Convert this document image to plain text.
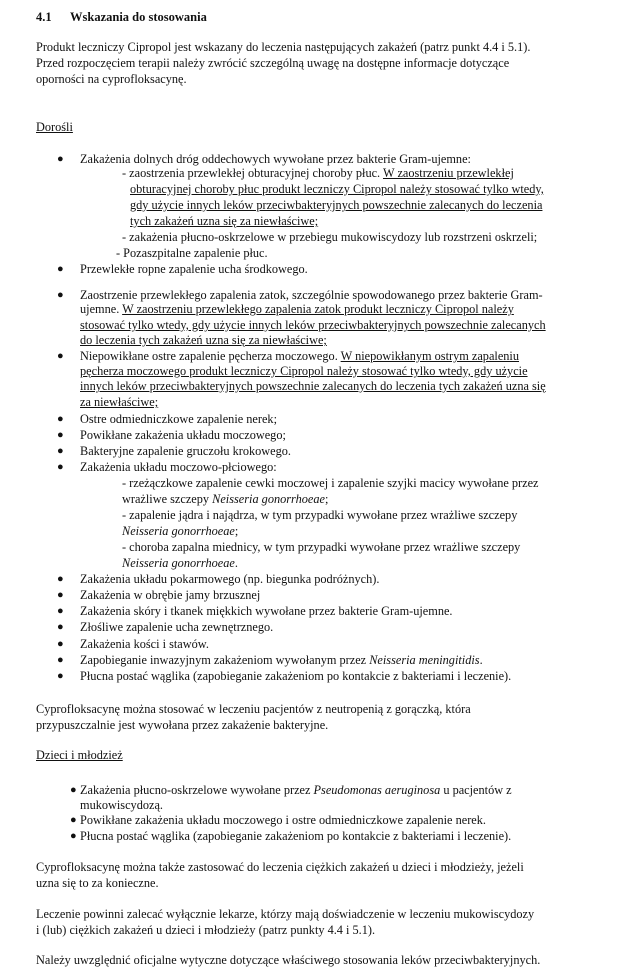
4.1 Wskazania do stosowania
Produkt leczniczy Cipropol jest wskazany do leczenia następujących zakażeń (patrz punkt 4.4 i 5.1).
Przed rozpoczęciem terapii należy zwrócić szczególną uwagę na dostępne informacje dotyczące
oporności na cyprofloksacynę.
Dorośli
● Zakażenia dolnych dróg oddechowych wywołane przez bakterie Gram-ujemne:
- zaostrzenia przewlekłej obturacyjnej choroby płuc. W zaostrzeniu przewlekłej
obturacyjnej choroby płuc produkt leczniczy Cipropol należy stosować tylko wtedy,
gdy użycie innych leków przeciwbakteryjnych powszechnie zalecanych do leczenia
tych zakażeń uzna się za niewłaściwe;
- zakażenia płucno-oskrzelowe w przebiegu mukowiscydozy lub rozstrzeni oskrzeli;
- Pozaszpitalne zapalenie płuc.
● Przewlekłe ropne zapalenie ucha środkowego.
● Zaostrzenie przewlekłego zapalenia zatok, szczególnie spowodowanego przez bakterie Gram-
ujemne. W zaostrzeniu przewlekłego zapalenia zatok produkt leczniczy Cipropol należy
stosować tylko wtedy, gdy użycie innych leków przeciwbakteryjnych powszechnie zalecanych
do leczenia tych zakażeń uzna się za niewłaściwe;
● Niepowikłane ostre zapalenie pęcherza moczowego. W niepowikłanym ostrym zapaleniu
pęcherza moczowego produkt leczniczy Cipropol należy stosować tylko wtedy, gdy użycie
innych leków przeciwbakteryjnych powszechnie zalecanych do leczenia tych zakażeń uzna się
za niewłaściwe;
● Ostre odmiedniczkowe zapalenie nerek;
● Powikłane zakażenia układu moczowego;
● Bakteryjne zapalenie gruczołu krokowego.
● Zakażenia układu moczowo-płciowego:
- rzeżączkowe zapalenie cewki moczowej i zapalenie szyjki macicy wywołane przez
wrażliwe szczepy Neisseria gonorrhoeae;
- zapalenie jądra i najądrza, w tym przypadki wywołane przez wrażliwe szczepy
Neisseria gonorrhoeae;
- choroba zapalna miednicy, w tym przypadki wywołane przez wrażliwe szczepy
Neisseria gonorrhoeae.
● Zakażenia układu pokarmowego (np. biegunka podróżnych).
● Zakażenia w obrębie jamy brzusznej
● Zakażenia skóry i tkanek miękkich wywołane przez bakterie Gram-ujemne.
● Złośliwe zapalenie ucha zewnętrznego.
● Zakażenia kości i stawów.
● Zapobieganie inwazyjnym zakażeniom wywołanym przez Neisseria meningitidis.
● Płucna postać wąglika (zapobieganie zakażeniom po kontakcie z bakteriami i leczenie).
Cyprofloksacynę można stosować w leczeniu pacjentów z neutropenią z gorączką, która
przypuszczalnie jest wywołana przez zakażenie bakteryjne.
Dzieci i młodzież
● Zakażenia płucno-oskrzelowe wywołane przez Pseudomonas aeruginosa u pacjentów z
mukowiscydozą.
● Powikłane zakażenia układu moczowego i ostre odmiedniczkowe zapalenie nerek.
● Płucna postać wąglika (zapobieganie zakażeniom po kontakcie z bakteriami i leczenie).
Cyprofloksacynę można także zastosować do leczenia ciężkich zakażeń u dzieci i młodzieży, jeżeli
uzna się to za konieczne.
Leczenie powinni zalecać wyłącznie lekarze, którzy mają doświadczenie w leczeniu mukowiscydozy
i (lub) ciężkich zakażeń u dzieci i młodzieży (patrz punkty 4.4 i 5.1).
Należy uwzględnić oficjalne wytyczne dotyczące właściwego stosowania leków przeciwbakteryjnych.
